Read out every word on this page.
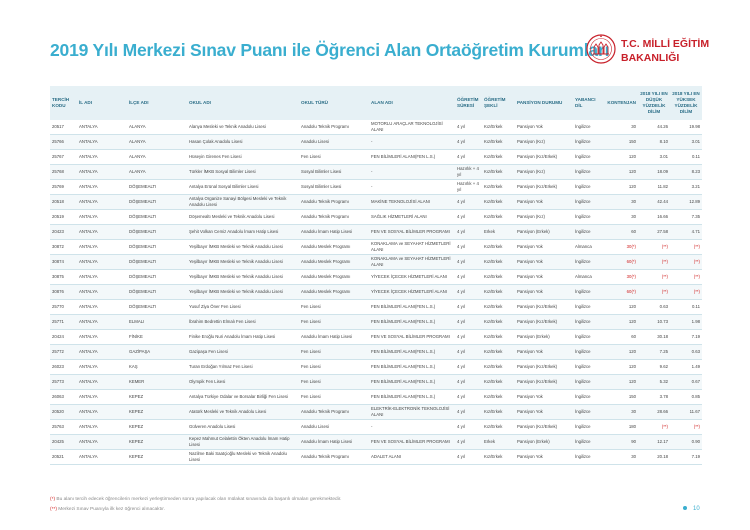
2019 Yılı Merkezi Sınav Puanı ile Öğrenci Alan Ortaöğretim Kurumları T.C. MİLLİ EĞİTİM
BAKANLIĞI
TERCİH KODU	İL ADI	İLÇE ADI	OKUL ADI	OKUL TÜRÜ	ALAN ADI	ÖĞRETİM SÜRESİ	ÖĞRETİM ŞEKLİ	PANSİYON DURUMU	YABANCI DİL	KONTENJAN	2018 YILI EN DÜŞÜK YÜZDELİK DİLİM	2018 YILI EN YÜKSEK YÜZDELİK DİLİM
20517	ANTALYA	ALANYA	Alanya Mesleki ve Teknik Anadolu Lisesi	Anadolu Teknik Programı	MOTORLU ARAÇLAR TEKNOLOJİSİ ALANI	4 yıl	Kız/Erkek	Pansiyon Yok	İngilizce	30	44.26	19.98
25766	ANTALYA	ALANYA	Hasan Çolak Anadolu Lisesi	Anadolu Lisesi	-	4 yıl	Kız/Erkek	Pansiyon (Kız)	İngilizce	150	8.10	3.01
25767	ANTALYA	ALANYA	Hüseyin Girenes Fen Lisesi	Fen Lisesi	FEN BİLİMLERİ ALANI(FEN L.S.)	4 yıl	Kız/Erkek	Pansiyon (Kız/Erkek)	İngilizce	120	3.01	0.11
25768	ANTALYA	ALANYA	Türkler İMKB Sosyal Bilimler Lisesi	Sosyal Bilimler Lisesi	-	Hazırlık + 4 yıl	Kız/Erkek	Pansiyon (Kız)	İngilizce	120	18.09	8.23
25769	ANTALYA	DÖŞEMEALTI	Antalya Erünal Sosyal Bilimler Lisesi	Sosyal Bilimler Lisesi	-	Hazırlık + 4 yıl	Kız/Erkek	Pansiyon (Kız/Erkek)	İngilizce	120	11.82	3.21
20518	ANTALYA	DÖŞEMEALTI	Antalya Organize Sanayi Bölgesi Mesleki ve Teknik Anadolu Lisesi	Anadolu Teknik Programı	MAKİNE TEKNOLOJİSİ ALANI	4 yıl	Kız/Erkek	Pansiyon Yok	İngilizce	30	42.44	12.89
20519	ANTALYA	DÖŞEMEALTI	Döşemealtı Mesleki ve Teknik Anadolu Lisesi	Anadolu Teknik Programı	SAĞLIK HİZMETLERİ ALANI	4 yıl	Kız/Erkek	Pansiyon (Kız)	İngilizce	30	16.66	7.35
20423	ANTALYA	DÖŞEMEALTI	Şehit Volkan Cemiz Anadolu İmam Hatip Lisesi	Anadolu İmam Hatip Lisesi	FEN VE SOSYAL BİLİMLER PROGRAMI	4 yıl	Erkek	Pansiyon (Erkek)	İngilizce	60	27.58	4.71
30872	ANTALYA	DÖŞEMEALTI	Yeşilbayır İMKB Mesleki ve Teknik Anadolu Lisesi	Anadolu Meslek Programı	KONAKLAMA ve SEYAHAT HİZMETLERİ ALANI	4 yıl	Kız/Erkek	Pansiyon Yok	Almanca	30(*)	(**)	(**)
30874	ANTALYA	DÖŞEMEALTI	Yeşilbayır İMKB Mesleki ve Teknik Anadolu Lisesi	Anadolu Meslek Programı	KONAKLAMA ve SEYAHAT HİZMETLERİ ALANI	4 yıl	Kız/Erkek	Pansiyon Yok	İngilizce	60(*)	(**)	(**)
30875	ANTALYA	DÖŞEMEALTI	Yeşilbayır İMKB Mesleki ve Teknik Anadolu Lisesi	Anadolu Meslek Programı	YİYECEK İÇECEK HİZMETLERİ ALANI	4 yıl	Kız/Erkek	Pansiyon Yok	Almanca	30(*)	(**)	(**)
30876	ANTALYA	DÖŞEMEALTI	Yeşilbayır İMKB Mesleki ve Teknik Anadolu Lisesi	Anadolu Meslek Programı	YİYECEK İÇECEK HİZMETLERİ ALANI	4 yıl	Kız/Erkek	Pansiyon Yok	İngilizce	60(*)	(**)	(**)
25770	ANTALYA	DÖŞEMEALTI	Yusuf Ziya Öner Fen Lisesi	Fen Lisesi	FEN BİLİMLERİ ALANI(FEN L.S.)	4 yıl	Kız/Erkek	Pansiyon (Kız/Erkek)	İngilizce	120	0.63	0.11
25771	ANTALYA	ELMALI	İbrahim Bedrettin Elmalı Fen Lisesi	Fen Lisesi	FEN BİLİMLERİ ALANI(FEN L.S.)	4 yıl	Kız/Erkek	Pansiyon (Kız/Erkek)	İngilizce	120	10.73	1.98
20424	ANTALYA	FİNİKE	Finike Eroğlu Nuri Anadolu İmam Hatip Lisesi	Anadolu İmam Hatip Lisesi	FEN VE SOSYAL BİLİMLER PROGRAMI	4 yıl	Kız/Erkek	Pansiyon (Erkek)	İngilizce	60	30.18	7.19
25772	ANTALYA	GAZİPAŞA	Gazipaşa Fen Lisesi	Fen Lisesi	FEN BİLİMLERİ ALANI(FEN L.S.)	4 yıl	Kız/Erkek	Pansiyon Yok	İngilizce	120	7.25	0.63
26023	ANTALYA	KAŞ	Turan Erdoğan Yılmaz Fen Lisesi	Fen Lisesi	FEN BİLİMLERİ ALANI(FEN L.S.)	4 yıl	Kız/Erkek	Pansiyon (Kız/Erkek)	İngilizce	120	9.62	1.49
25773	ANTALYA	KEMER	Olympik Fen Lisesi	Fen Lisesi	FEN BİLİMLERİ ALANI(FEN L.S.)	4 yıl	Kız/Erkek	Pansiyon (Kız/Erkek)	İngilizce	120	5.32	0.67
26063	ANTALYA	KEPEZ	Antalya Türkiye Odalar ve Borsalar Birliği Fen Lisesi	Fen Lisesi	FEN BİLİMLERİ ALANI(FEN L.S.)	4 yıl	Kız/Erkek	Pansiyon Yok	İngilizce	150	3.78	0.85
20520	ANTALYA	KEPEZ	Atatürk Mesleki ve Teknik Anadolu Lisesi	Anadolu Teknik Programı	ELEKTRİK-ELEKTRONİK TEKNOLOJİSİ ALANI	4 yıl	Kız/Erkek	Pansiyon Yok	İngilizce	30	28.66	11.67
25763	ANTALYA	KEPEZ	Gülveren Anadolu Lisesi	Anadolu Lisesi	-	4 yıl	Kız/Erkek	Pansiyon (Kız/Erkek)	İngilizce	180	(**)	(**)
20425	ANTALYA	KEPEZ	Kepez Mahmut Celalettin Ökten Anadolu İmam Hatip Lisesi	Anadolu İmam Hatip Lisesi	FEN VE SOSYAL BİLİMLER PROGRAMI	4 yıl	Erkek	Pansiyon (Erkek)	İngilizce	90	12.17	0.90
20521	ANTALYA	KEPEZ	Nazilme Baki Saatçioğlu Mesleki ve Teknik Anadolu Lisesi	Anadolu Teknik Programı	ADALET ALANI	4 yıl	Kız/Erkek	Pansiyon Yok	İngilizce	30	20.18	7.19
(*) Bu alanı tercih edecek öğrencilerin merkezi yerleştirmeden sonra yapılacak olan mülakat sınavında da başarılı olmaları gerekmektedir.
(**) Merkezi Sınav Puanıyla ilk kez öğrenci alınacaktır.	10
